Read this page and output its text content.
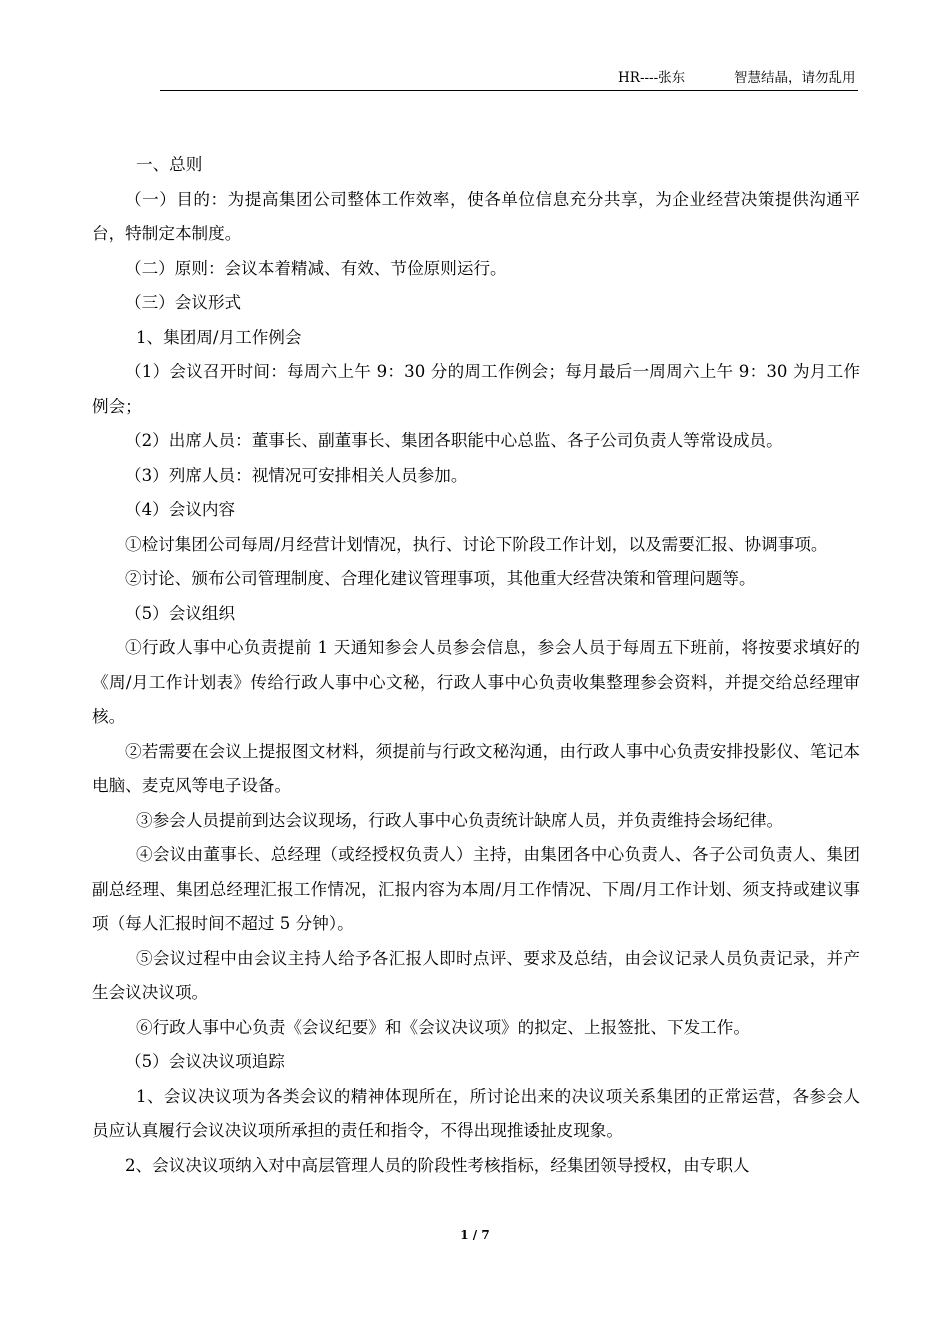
HR----张东	智慧结晶，请勿乱用

一、总则

（一）目的：为提高集团公司整体工作效率，使各单位信息充分共享，为企业经营决策提供沟通平台，特制定本制度。

（二）原则：会议本着精减、有效、节俭原则运行。

（三）会议形式

1、集团周/月工作例会

（1）会议召开时间：每周六上午 9：30 分的周工作例会；每月最后一周周六上午 9：30 为月工作例会；

（2）出席人员：董事长、副董事长、集团各职能中心总监、各子公司负责人等常设成员。

（3）列席人员：视情况可安排相关人员参加。

（4）会议内容

①检讨集团公司每周/月经营计划情况，执行、讨论下阶段工作计划，以及需要汇报、协调事项。

②讨论、颁布公司管理制度、合理化建议管理事项，其他重大经营决策和管理问题等。

（5）会议组织

①行政人事中心负责提前 1 天通知参会人员参会信息，参会人员于每周五下班前，将按要求填好的《周/月工作计划表》传给行政人事中心文秘，行政人事中心负责收集整理参会资料，并提交给总经理审核。

②若需要在会议上提报图文材料，须提前与行政文秘沟通，由行政人事中心负责安排投影仪、笔记本电脑、麦克风等电子设备。

③参会人员提前到达会议现场，行政人事中心负责统计缺席人员，并负责维持会场纪律。

④会议由董事长、总经理（或经授权负责人）主持，由集团各中心负责人、各子公司负责人、集团副总经理、集团总经理汇报工作情况，汇报内容为本周/月工作情况、下周/月工作计划、须支持或建议事项（每人汇报时间不超过 5 分钟）。

⑤会议过程中由会议主持人给予各汇报人即时点评、要求及总结，由会议记录人员负责记录，并产生会议决议项。

⑥行政人事中心负责《会议纪要》和《会议决议项》的拟定、上报签批、下发工作。

（5）会议决议项追踪

1、会议决议项为各类会议的精神体现所在，所讨论出来的决议项关系集团的正常运营，各参会人员应认真履行会议决议项所承担的责任和指令，不得出现推诿扯皮现象。

2、会议决议项纳入对中高层管理人员的阶段性考核指标，经集团领导授权，由专职人

1 / 7
